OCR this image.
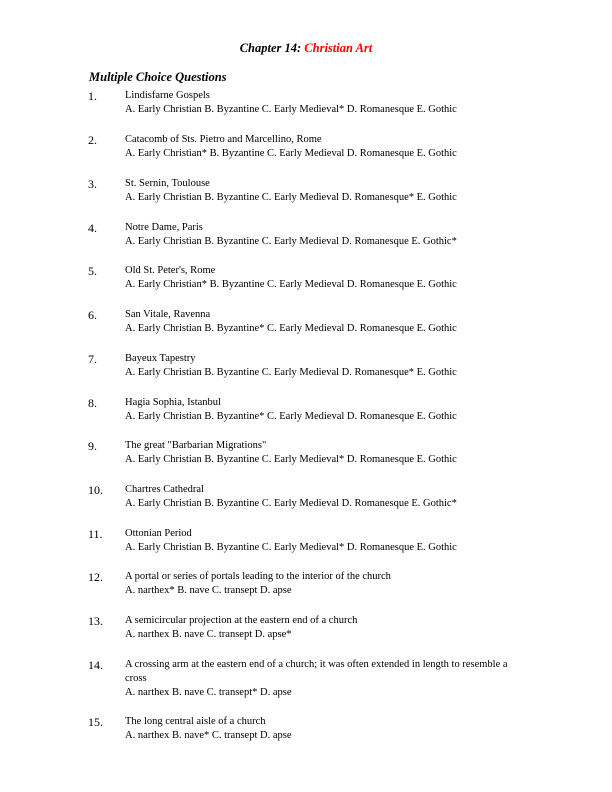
Chapter 14: Christian Art
Multiple Choice Questions
1.	Lindisfarne Gospels
A. Early Christian B. Byzantine C. Early Medieval* D. Romanesque E. Gothic
2.	Catacomb of Sts. Pietro and Marcellino, Rome
A. Early Christian* B. Byzantine C. Early Medieval D. Romanesque E. Gothic
3.	St. Sernin, Toulouse
A. Early Christian B. Byzantine C. Early Medieval D. Romanesque* E. Gothic
4.	Notre Dame, Paris
A. Early Christian B. Byzantine C. Early Medieval D. Romanesque E. Gothic*
5.	Old St. Peter's, Rome
A. Early Christian* B. Byzantine C. Early Medieval D. Romanesque E. Gothic
6.	San Vitale, Ravenna
A. Early Christian B. Byzantine* C. Early Medieval D. Romanesque E. Gothic
7.	Bayeux Tapestry
A. Early Christian B. Byzantine C. Early Medieval D. Romanesque* E. Gothic
8.	Hagia Sophia, Istanbul
A. Early Christian B. Byzantine* C. Early Medieval D. Romanesque E. Gothic
9.	The great "Barbarian Migrations"
A. Early Christian B. Byzantine C. Early Medieval* D. Romanesque E. Gothic
10.	Chartres Cathedral
A. Early Christian B. Byzantine C. Early Medieval D. Romanesque E. Gothic*
11.	Ottonian Period
A. Early Christian B. Byzantine C. Early Medieval* D. Romanesque E. Gothic
12.	A portal or series of portals leading to the interior of the church
A. narthex* B. nave C. transept D. apse
13.	A semicircular projection at the eastern end of a church
A. narthex B. nave C. transept D. apse*
14.	A crossing arm at the eastern end of a church; it was often extended in length to resemble a cross
A. narthex B. nave C. transept* D. apse
15.	The long central aisle of a church
A. narthex B. nave* C. transept D. apse
